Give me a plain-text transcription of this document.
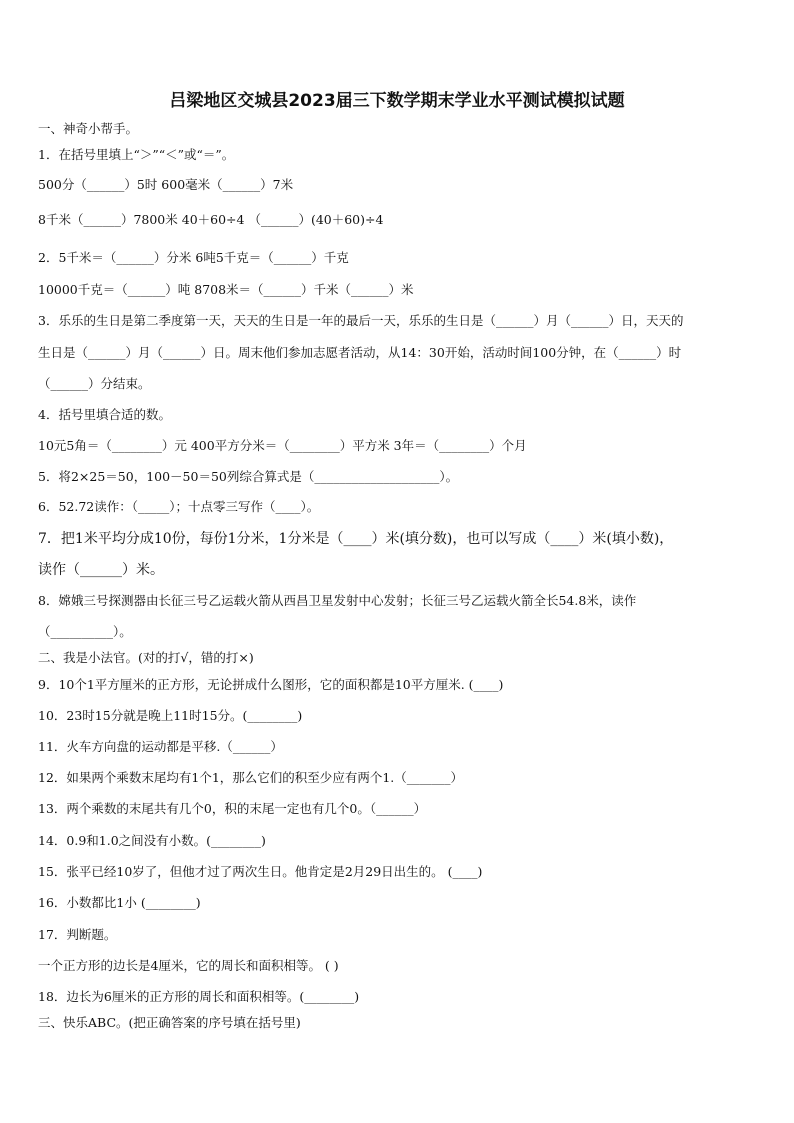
吕梁地区交城县2023届三下数学期末学业水平测试模拟试题
一、神奇小帮手。
1．在括号里填上“＞”“＜”或“＝”。
500分（______）5时 600毫米（______）7米
8千米（______）7800米 40＋60÷4 （______）(40＋60)÷4
2．5千米＝（______）分米 6吨5千克＝（______）千克
10000千克＝（______）吨 8708米＝（______）千米（______）米
3．乐乐的生日是第二季度第一天，天天的生日是一年的最后一天，乐乐的生日是（______）月（______）日，天天的
生日是（______）月（______）日。周末他们参加志愿者活动，从14：30开始，活动时间100分钟，在（______）时
（______）分结束。
4．括号里填合适的数。
10元5角＝（________）元 400平方分米＝（________）平方米 3年＝（________）个月
5．将2×25＝50，100－50＝50列综合算式是（____________________）。
6．52.72读作：（_____）；十点零三写作（____）。
7．把1米平均分成10份，每份1分米，1分米是（____）米(填分数)，也可以写成（____）米(填小数)，
读作（______）米。
8．嫦娥三号探测器由长征三号乙运载火箭从西昌卫星发射中心发射；长征三号乙运载火箭全长54.8米，读作
（__________）。
二、我是小法官。(对的打√，错的打×)
9．10个1平方厘米的正方形，无论拼成什么图形，它的面积都是10平方厘米. (____)
10．23时15分就是晚上11时15分。(________)
11．火车方向盘的运动都是平移.（______）
12．如果两个乘数末尾均有1个1，那么它们的积至少应有两个1.（_______）
13．两个乘数的末尾共有几个0，积的末尾一定也有几个0。（______）
14．0.9和1.0之间没有小数。(________)
15．张平已经10岁了，但他才过了两次生日。他肯定是2月29日出生的。 (____)
16．小数都比1小 (________)
17．判断题。
一个正方形的边长是4厘米，它的周长和面积相等。 ( )
18．边长为6厘米的正方形的周长和面积相等。(________)
三、快乐ABC。(把正确答案的序号填在括号里)
